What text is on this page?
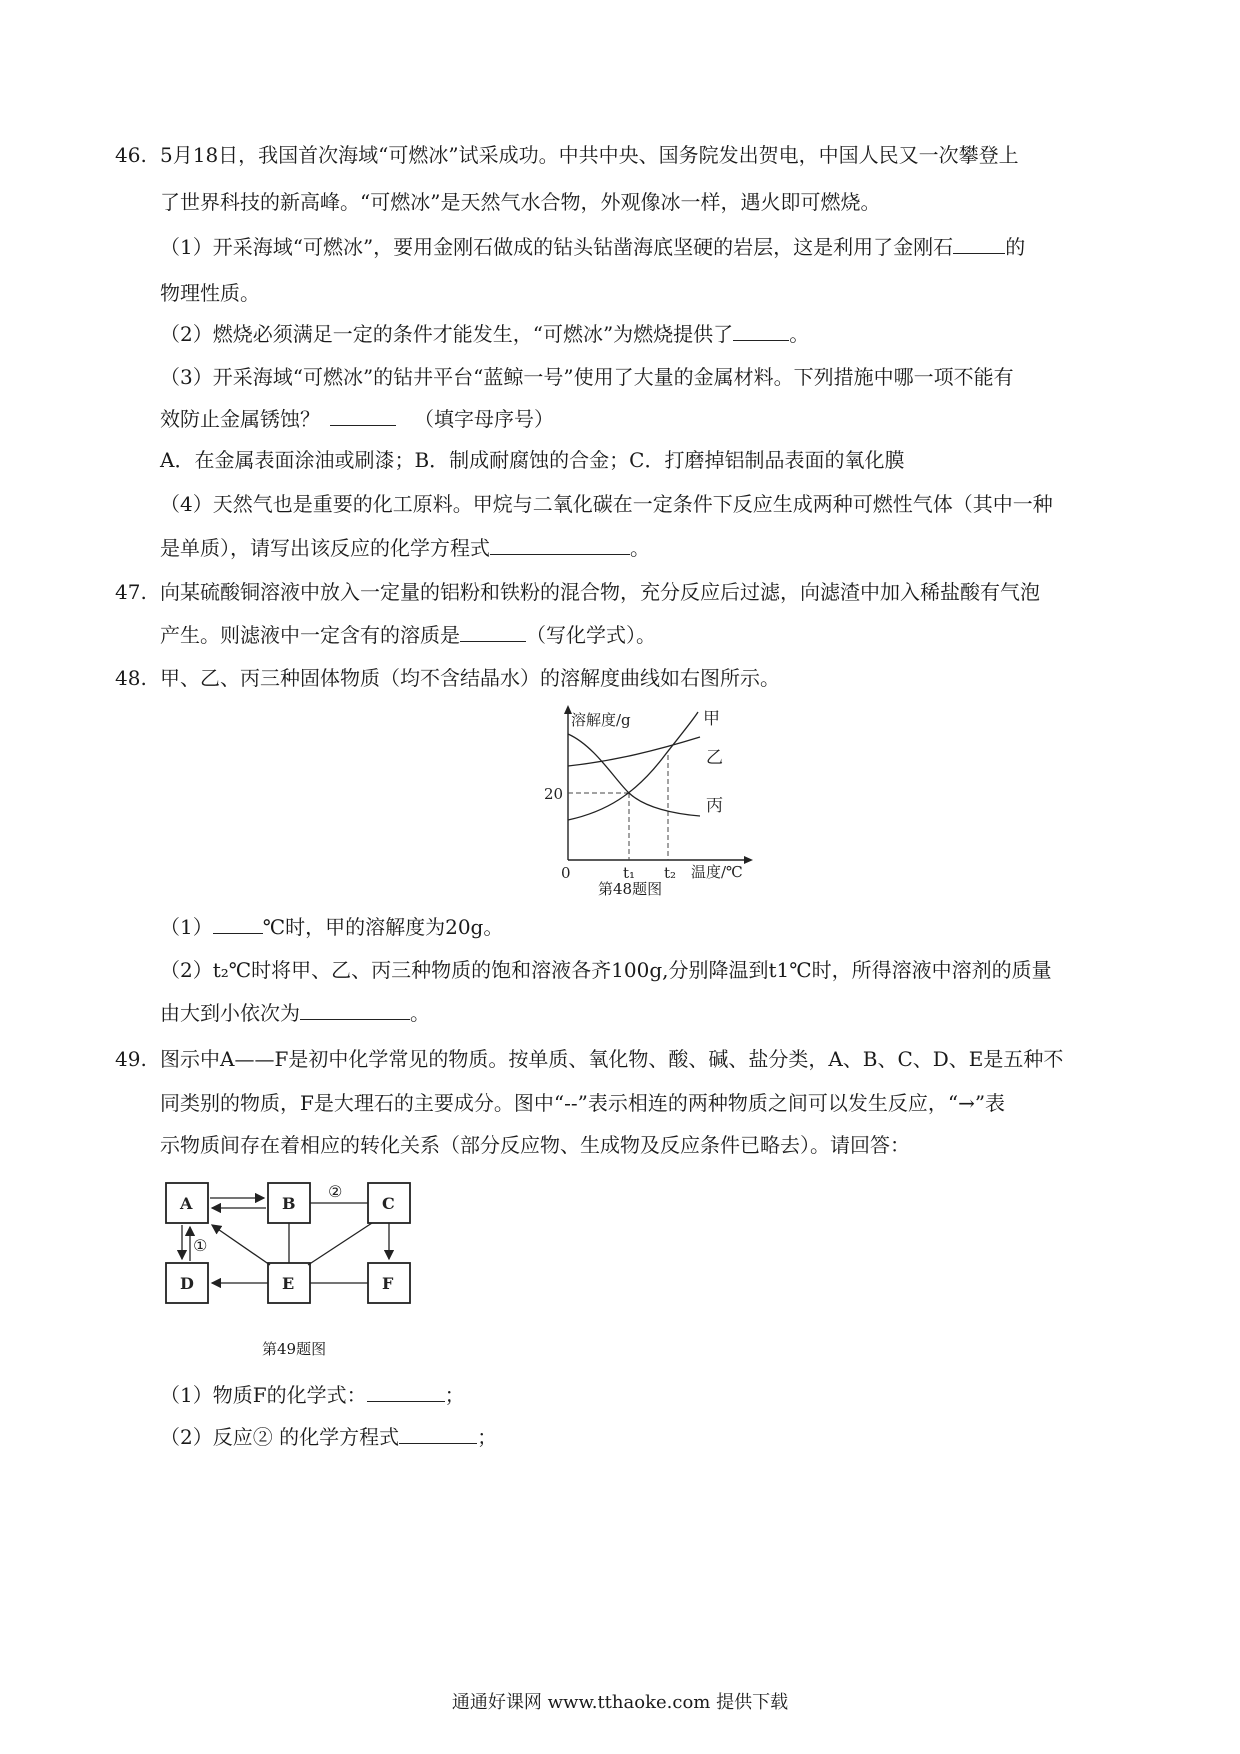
46. 5月18日，我国首次海域“可燃冰”试采成功。中共中央、国务院发出贺电，中国人民又一次攀登上
了世界科技的新高峰。“可燃冰”是天然气水合物，外观像冰一样，遇火即可燃烧。
（1）开采海域“可燃冰”，要用金刚石做成的钻头钻凿海底坚硬的岩层，这是利用了金刚石	的
物理性质。
（2）燃烧必须满足一定的条件才能发生，“可燃冰”为燃烧提供了	。
（3）开采海域“可燃冰”的钻井平台“蓝鲸一号”使用了大量的金属材料。下列措施中哪一项不能有
效防止金属锈蚀？	（填字母序号）
A．在金属表面涂油或刷漆；B．制成耐腐蚀的合金；C．打磨掉铝制品表面的氧化膜
（4）天然气也是重要的化工原料。甲烷与二氧化碳在一定条件下反应生成两种可燃性气体（其中一种
是单质），请写出该反应的化学方程式	。
47. 向某硫酸铜溶液中放入一定量的铝粉和铁粉的混合物，充分反应后过滤，向滤渣中加入稀盐酸有气泡
产生。则滤液中一定含有的溶质是	（写化学式）。
48. 甲、乙、丙三种固体物质（均不含结晶水）的溶解度曲线如右图所示。
溶解度/g
温度/℃
0
20
t₁ t₂
甲
乙
丙
第48题图
（1）	℃时，甲的溶解度为20g。
（2）t₂℃时将甲、乙、丙三种物质的饱和溶液各齐100g,分别降温到t1℃时，所得溶液中溶剂的质量
由大到小依次为	。
49. 图示中A——F是初中化学常见的物质。按单质、氧化物、酸、碱、盐分类，A、B、C、D、E是五种不
同类别的物质，F是大理石的主要成分。图中“--”表示相连的两种物质之间可以发生反应，“→”表
示物质间存在着相应的转化关系（部分反应物、生成物及反应条件已略去）。请回答：
A	B	C
D	E	F
①
②
第49题图
（1）物质F的化学式：	；
（2）反应② 的化学方程式	；
通通好课网 www.tthaoke.com 提供下载
